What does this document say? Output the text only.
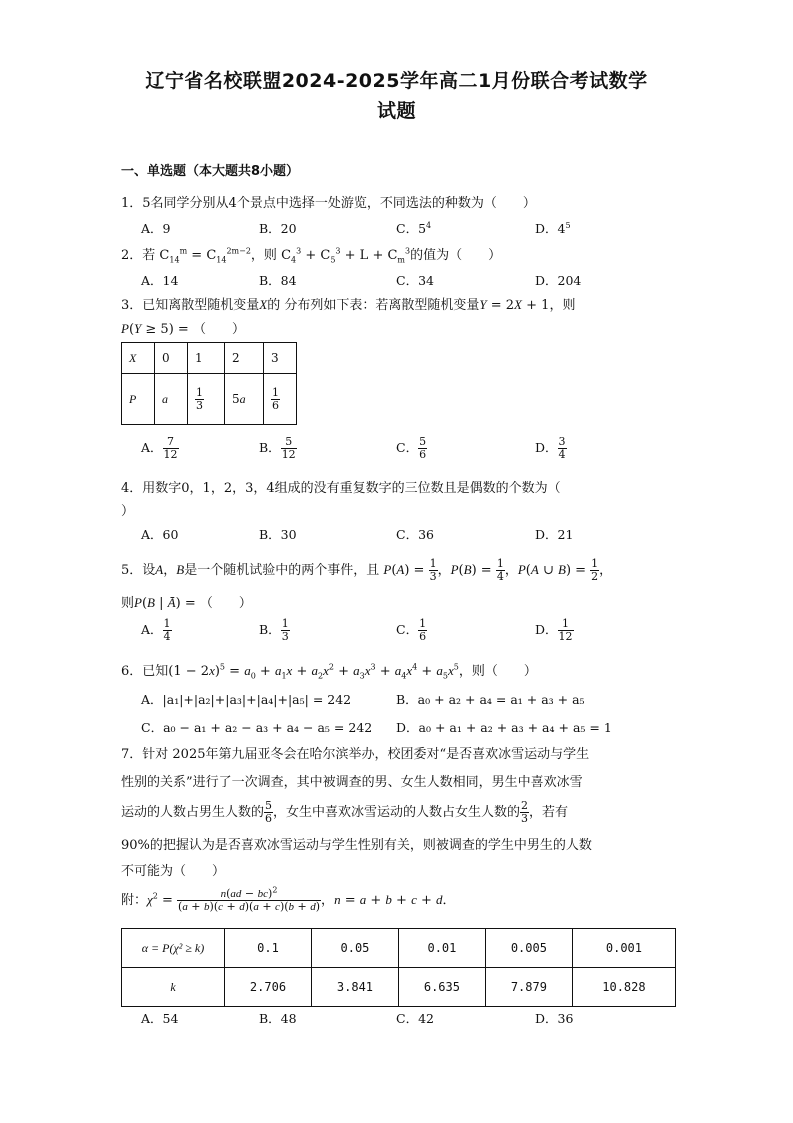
辽宁省名校联盟2024-2025学年高二1月份联合考试数学
试题
一、单选题（本大题共8小题）
1．5名同学分别从4个景点中选择一处游览，不同选法的种数为（　　）
A．9	B．20	C．$5^4$	D．$4^5$
2．若 $C_{14}^m = C_{14}^{2m-2}$，则 $C_4^3 + C_5^3 + L + C_m^3$的值为（　　）
A．14	B．84	C．34	D．204
3．已知离散型随机变量X的 分布列如下表：若离散型随机变量Y = 2X + 1，则
P(Y ≥ 5) = （　　）
X	0	1	2	3
P	a	$\frac{1}{3}$	5a	$\frac{1}{6}$
A． $\frac{7}{12}$	B． $\frac{5}{12}$	C． $\frac{5}{6}$	D． $\frac{3}{4}$
4．用数字0，1，2，3，4组成的没有重复数字的三位数且是偶数的个数为（
）
A．60	B．30	C．36	D．21
5．设A，B是一个随机试验中的两个事件，且 $P(A) = \frac{1}{3}$ ，$P(B) = \frac{1}{4}$ ，P(A ∪ $B) = \frac{1}{2}$ ，
则P(B | Ā) = （　　）
A． $\frac{1}{4}$	B． $\frac{1}{3}$	C． $\frac{1}{6}$	D． $\frac{1}{12}$
6．已知$(1 - 2x)^5 = a_0 + a_1x + a_2x^2 + a_3x^3 + a_4x^4 + a_5x^5$，则（　　）
A．|a₁|+|a₂|+|a₃|+|a₄|+|a₅| = 242	B．a₀ + a₂ + a₄ = a₁ + a₃ + a₅
C．a₀ − a₁ + a₂ − a₃ + a₄ − a₅ = 242 D．a₀ + a₁ + a₂ + a₃ + a₄ + a₅ = 1
7．针对 2025年第九届亚冬会在哈尔滨举办，校团委对“是否喜欢冰雪运动与学生
性别的关系”进行了一次调查，其中被调查的男、女生人数相同，男生中喜欢冰雪
运动的人数占男生人数的 $\frac{5}{6}$ ，女生中喜欢冰雪运动的人数占女生人数的 $\frac{2}{3}$ ，若有
90%的把握认为是否喜欢冰雪运动与学生性别有关，则被调查的学生中男生的人数
不可能为（　　）
附：$\chi^2 = \frac{n(ad - bc)^2}{(a + b)(c + d)(a + c)(b + d)}$ ，n = a + b + c + d．
α = P(χ² ≥ k)	0.1	0.05	0.01	0.005	0.001
k	2.706	3.841	6.635	7.879	10.828
A．54	B．48	C．42	D．36
